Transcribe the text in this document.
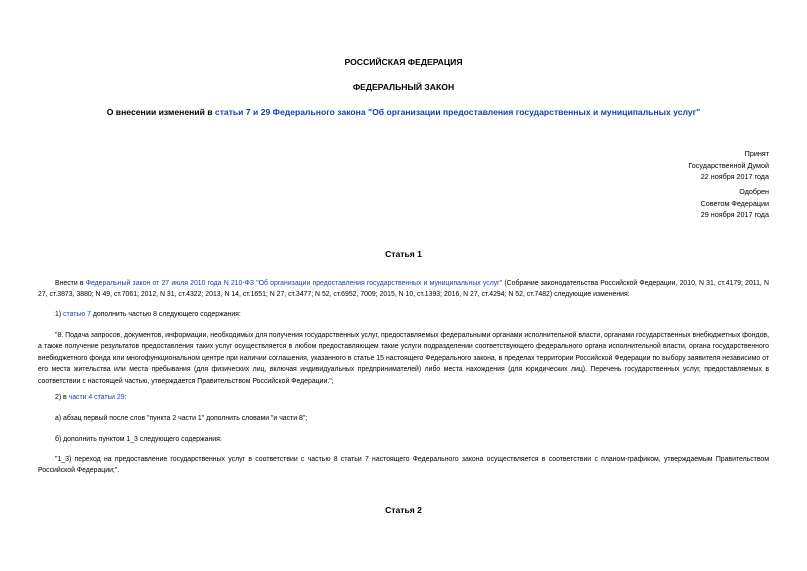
РОССИЙСКАЯ ФЕДЕРАЦИЯ
ФЕДЕРАЛЬНЫЙ ЗАКОН
О внесении изменений в статьи 7 и 29 Федерального закона "Об организации предоставления государственных и муниципальных услуг"
Принят
Государственной Думой
22 ноября 2017 года
Одобрен
Советом Федерации
29 ноября 2017 года
Статья 1
Внести в Федеральный закон от 27 июля 2010 года N 210-ФЗ "Об организации предоставления государственных и муниципальных услуг" (Собрание законодательства Российской Федерации, 2010, N 31, ст.4179; 2011, N 27, ст.3873, 3880; N 49, ст.7061; 2012, N 31, ст.4322; 2013, N 14, ст.1651; N 27, ст.3477; N 52, ст.6952, 7009; 2015, N 10, ст.1393; 2016, N 27, ст.4294; N 52, ст.7482) следующие изменения:
1) статью 7 дополнить частью 8 следующего содержания:
"8. Подача запросов, документов, информации, необходимых для получения государственных услуг, предоставляемых федеральными органами исполнительной власти, органами государственных внебюджетных фондов, а также получение результатов предоставления таких услуг осуществляется в любом предоставляющем такие услуги подразделении соответствующего федерального органа исполнительной власти, органа государственного внебюджетного фонда или многофункциональном центре при наличии соглашения, указанного в статье 15 настоящего Федерального закона, в пределах территории Российской Федерации по выбору заявителя независимо от его места жительства или места пребывания (для физических лиц, включая индивидуальных предпринимателей) либо места нахождения (для юридических лиц). Перечень государственных услуг, предоставляемых в соответствии с настоящей частью, утверждается Правительством Российской Федерации.";
2) в части 4 статьи 29:
а) абзац первый после слов "пункта 2 части 1" дополнить словами "и части 8";
б) дополнить пунктом 1_3 следующего содержания:
"1_3) переход на предоставление государственных услуг в соответствии с частью 8 статьи 7 настоящего Федерального закона осуществляется в соответствии с планом-графиком, утверждаемым Правительством Российской Федерации;".
Статья 2
